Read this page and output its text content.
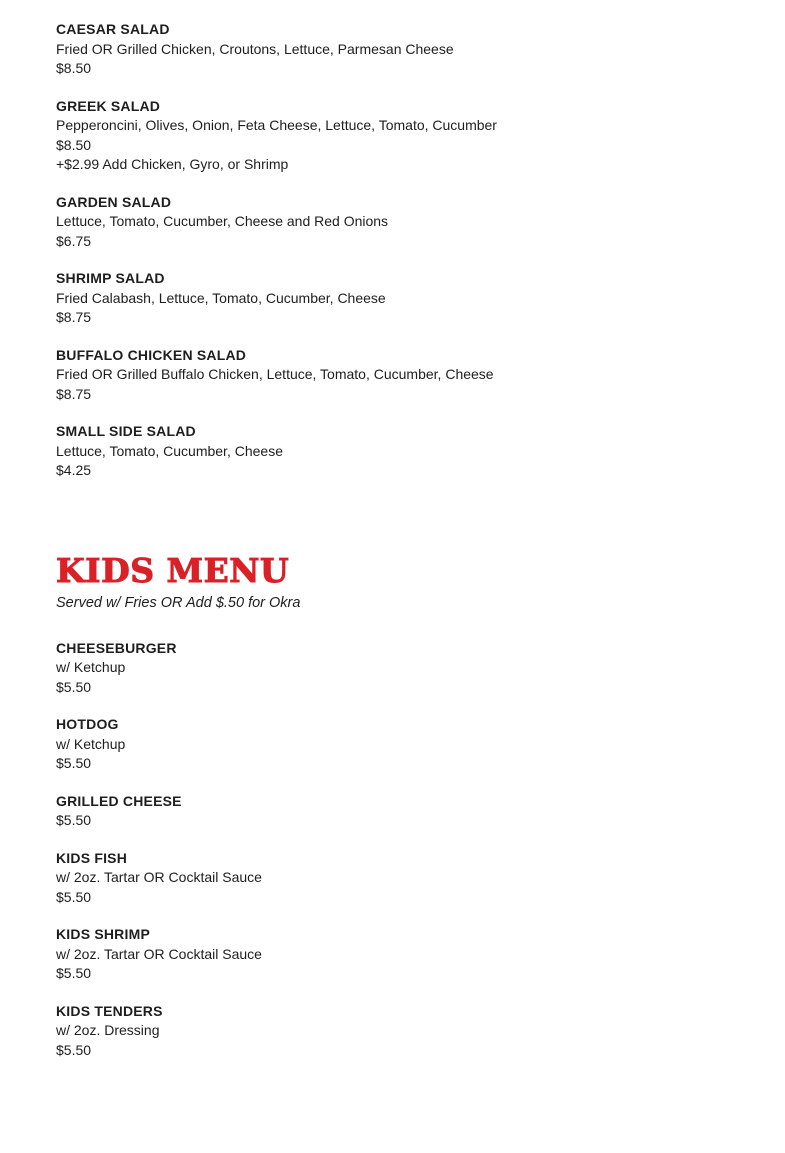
CAESAR SALAD

Fried OR Grilled Chicken, Croutons, Lettuce, Parmesan Cheese

$8.50

GREEK SALAD

Pepperoncini, Olives, Onion, Feta Cheese, Lettuce, Tomato, Cucumber

$8.50

+$2.99 Add Chicken, Gyro, or Shrimp

GARDEN SALAD

Lettuce, Tomato, Cucumber, Cheese and Red Onions

$6.75

SHRIMP SALAD

Fried Calabash, Lettuce, Tomato, Cucumber, Cheese

$8.75

BUFFALO CHICKEN SALAD

Fried OR Grilled Buffalo Chicken, Lettuce, Tomato, Cucumber, Cheese

$8.75

SMALL SIDE SALAD

Lettuce, Tomato, Cucumber, Cheese

$4.25

KIDS MENU

Served w/ Fries OR Add $.50 for Okra

CHEESEBURGER

w/ Ketchup

$5.50

HOTDOG

w/ Ketchup

$5.50

GRILLED CHEESE

$5.50

KIDS FISH

w/ 2oz. Tartar OR Cocktail Sauce

$5.50

KIDS SHRIMP

w/ 2oz. Tartar OR Cocktail Sauce

$5.50

KIDS TENDERS

w/ 2oz. Dressing

$5.50
